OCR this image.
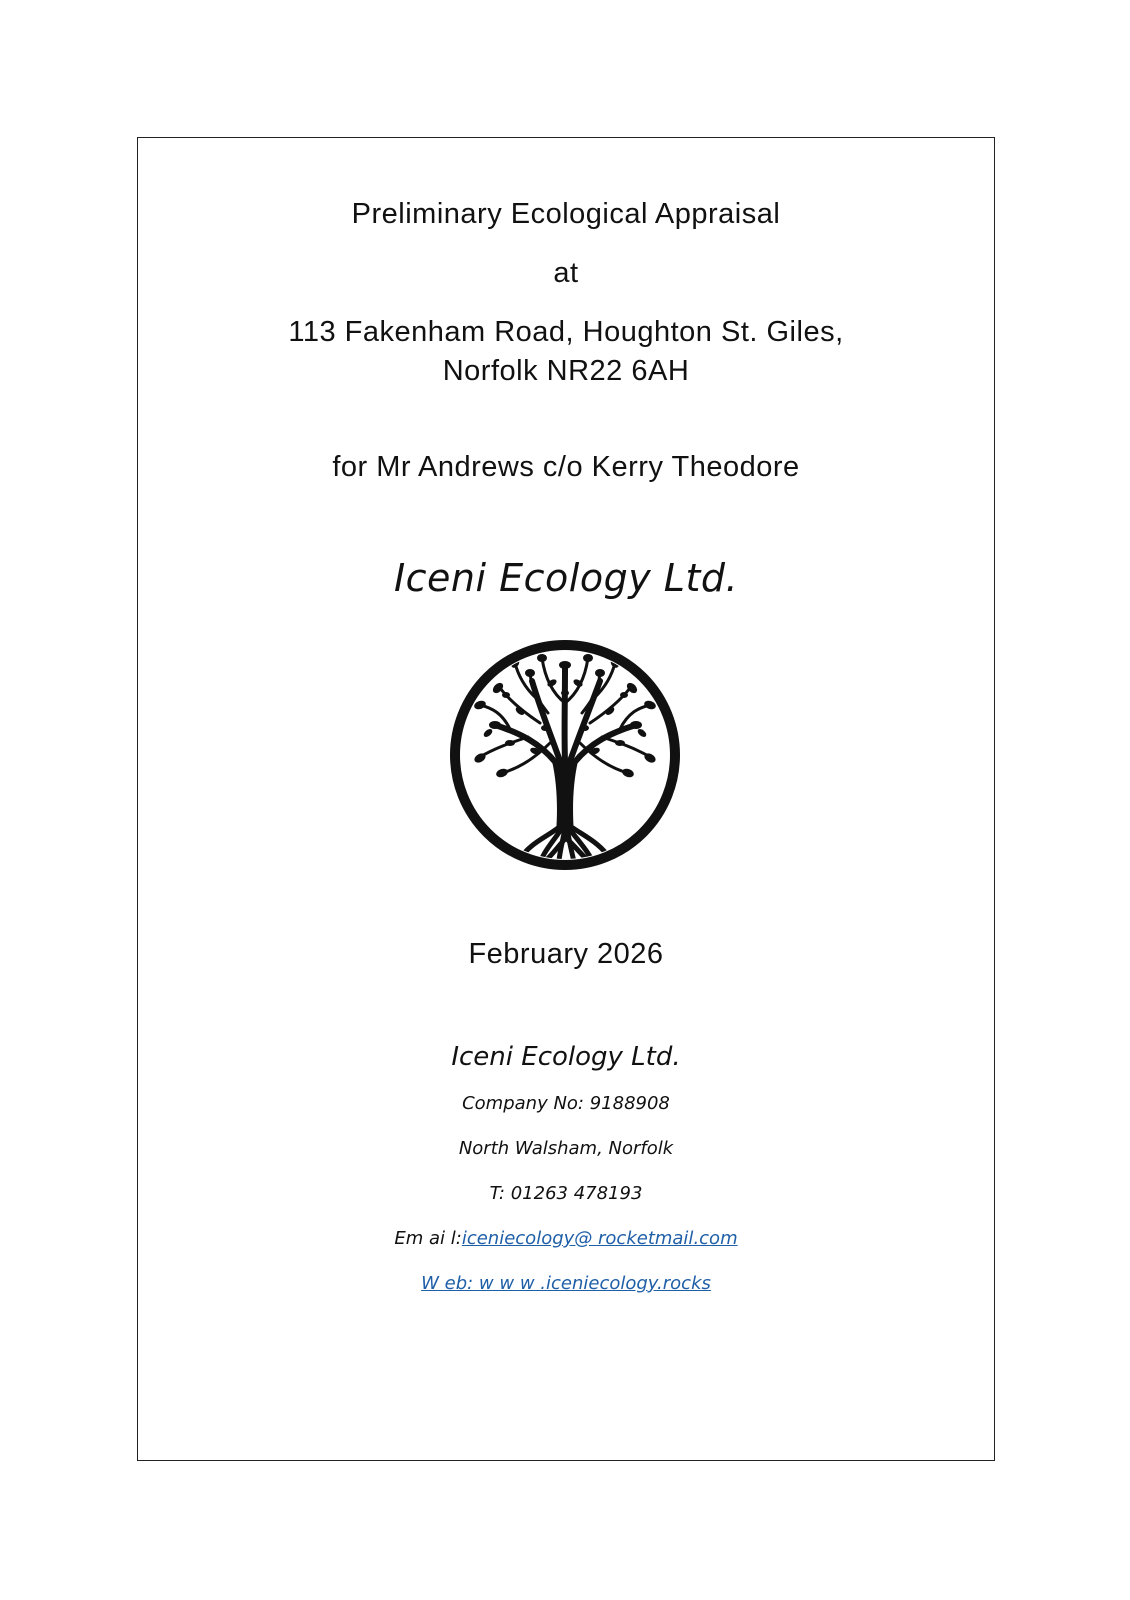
Preliminary Ecological Appraisal
at
113 Fakenham Road, Houghton St. Giles,
Norfolk NR22 6AH
for Mr Andrews c/o Kerry Theodore
Iceni Ecology Ltd.
February 2026
Iceni Ecology Ltd.
Company No: 9188908
North Walsham, Norfolk
T: 01263 478193
Em ai l:iceniecology@ rocketmail.com
W eb: w w w .iceniecology.rocks
